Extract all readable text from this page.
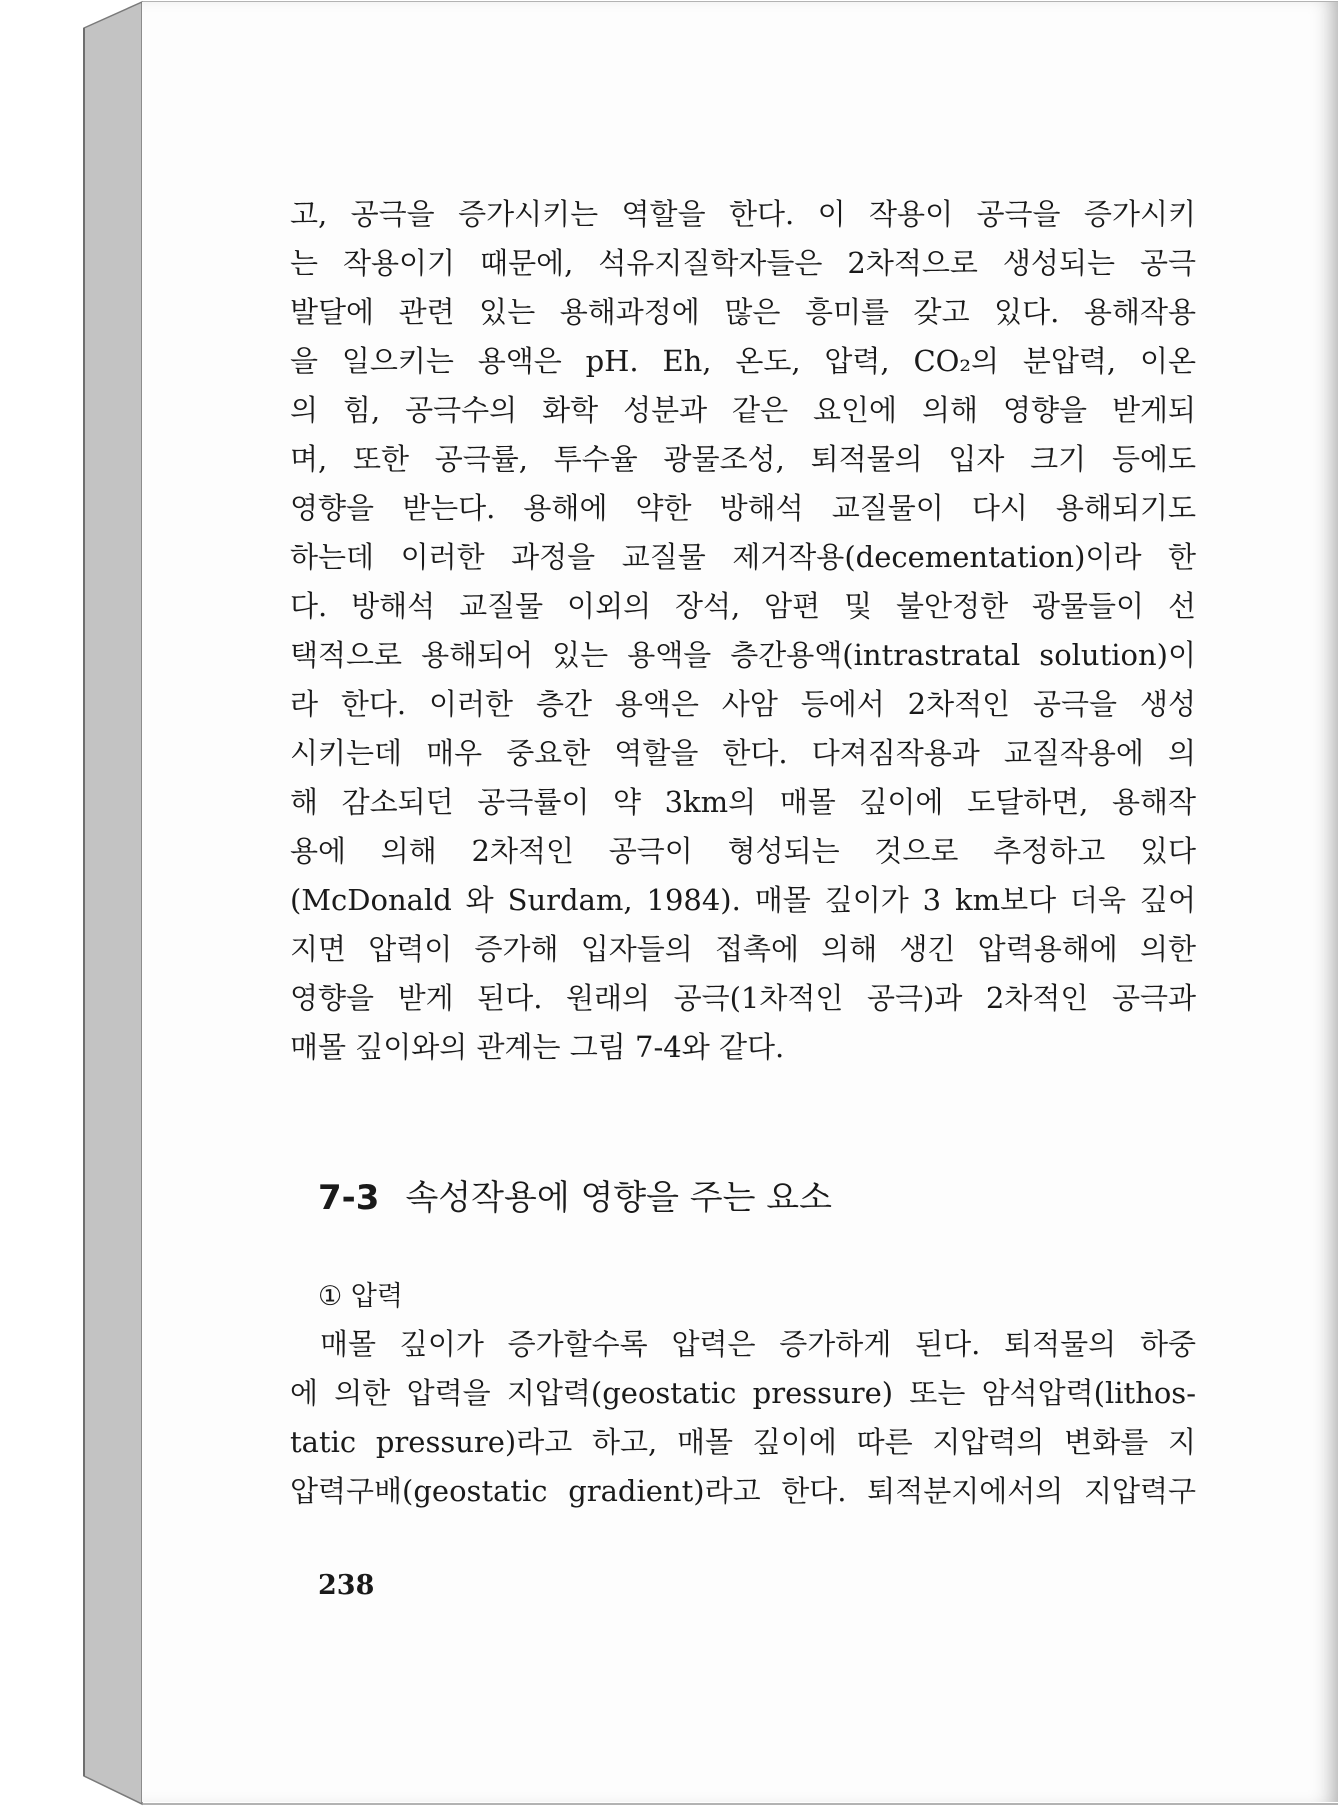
고, 공극을 증가시키는 역할을 한다. 이 작용이 공극을 증가시키
는 작용이기 때문에, 석유지질학자들은 2차적으로 생성되는 공극
발달에 관련 있는 용해과정에 많은 흥미를 갖고 있다. 용해작용
을 일으키는 용액은 pH. Eh, 온도, 압력, CO₂의 분압력, 이온
의 힘, 공극수의 화학 성분과 같은 요인에 의해 영향을 받게되
며, 또한 공극률, 투수율 광물조성, 퇴적물의 입자 크기 등에도
영향을 받는다. 용해에 약한 방해석 교질물이 다시 용해되기도
하는데 이러한 과정을 교질물 제거작용(decementation)이라 한
다. 방해석 교질물 이외의 장석, 암편 및 불안정한 광물들이 선
택적으로 용해되어 있는 용액을 층간용액(intrastratal solution)이
라 한다. 이러한 층간 용액은 사암 등에서 2차적인 공극을 생성
시키는데 매우 중요한 역할을 한다. 다져짐작용과 교질작용에 의
해 감소되던 공극률이 약 3km의 매몰 깊이에 도달하면, 용해작
용에 의해 2차적인 공극이 형성되는 것으로 추정하고 있다
(McDonald 와 Surdam, 1984). 매몰 깊이가 3 km보다 더욱 깊어
지면 압력이 증가해 입자들의 접촉에 의해 생긴 압력용해에 의한
영향을 받게 된다. 원래의 공극(1차적인 공극)과 2차적인 공극과
매몰 깊이와의 관계는 그림 7-4와 같다.
7-3 속성작용에 영향을 주는 요소
① 압력
매몰 깊이가 증가할수록 압력은 증가하게 된다. 퇴적물의 하중
에 의한 압력을 지압력(geostatic pressure) 또는 암석압력(lithos-
tatic pressure)라고 하고, 매몰 깊이에 따른 지압력의 변화를 지
압력구배(geostatic gradient)라고 한다. 퇴적분지에서의 지압력구
238
